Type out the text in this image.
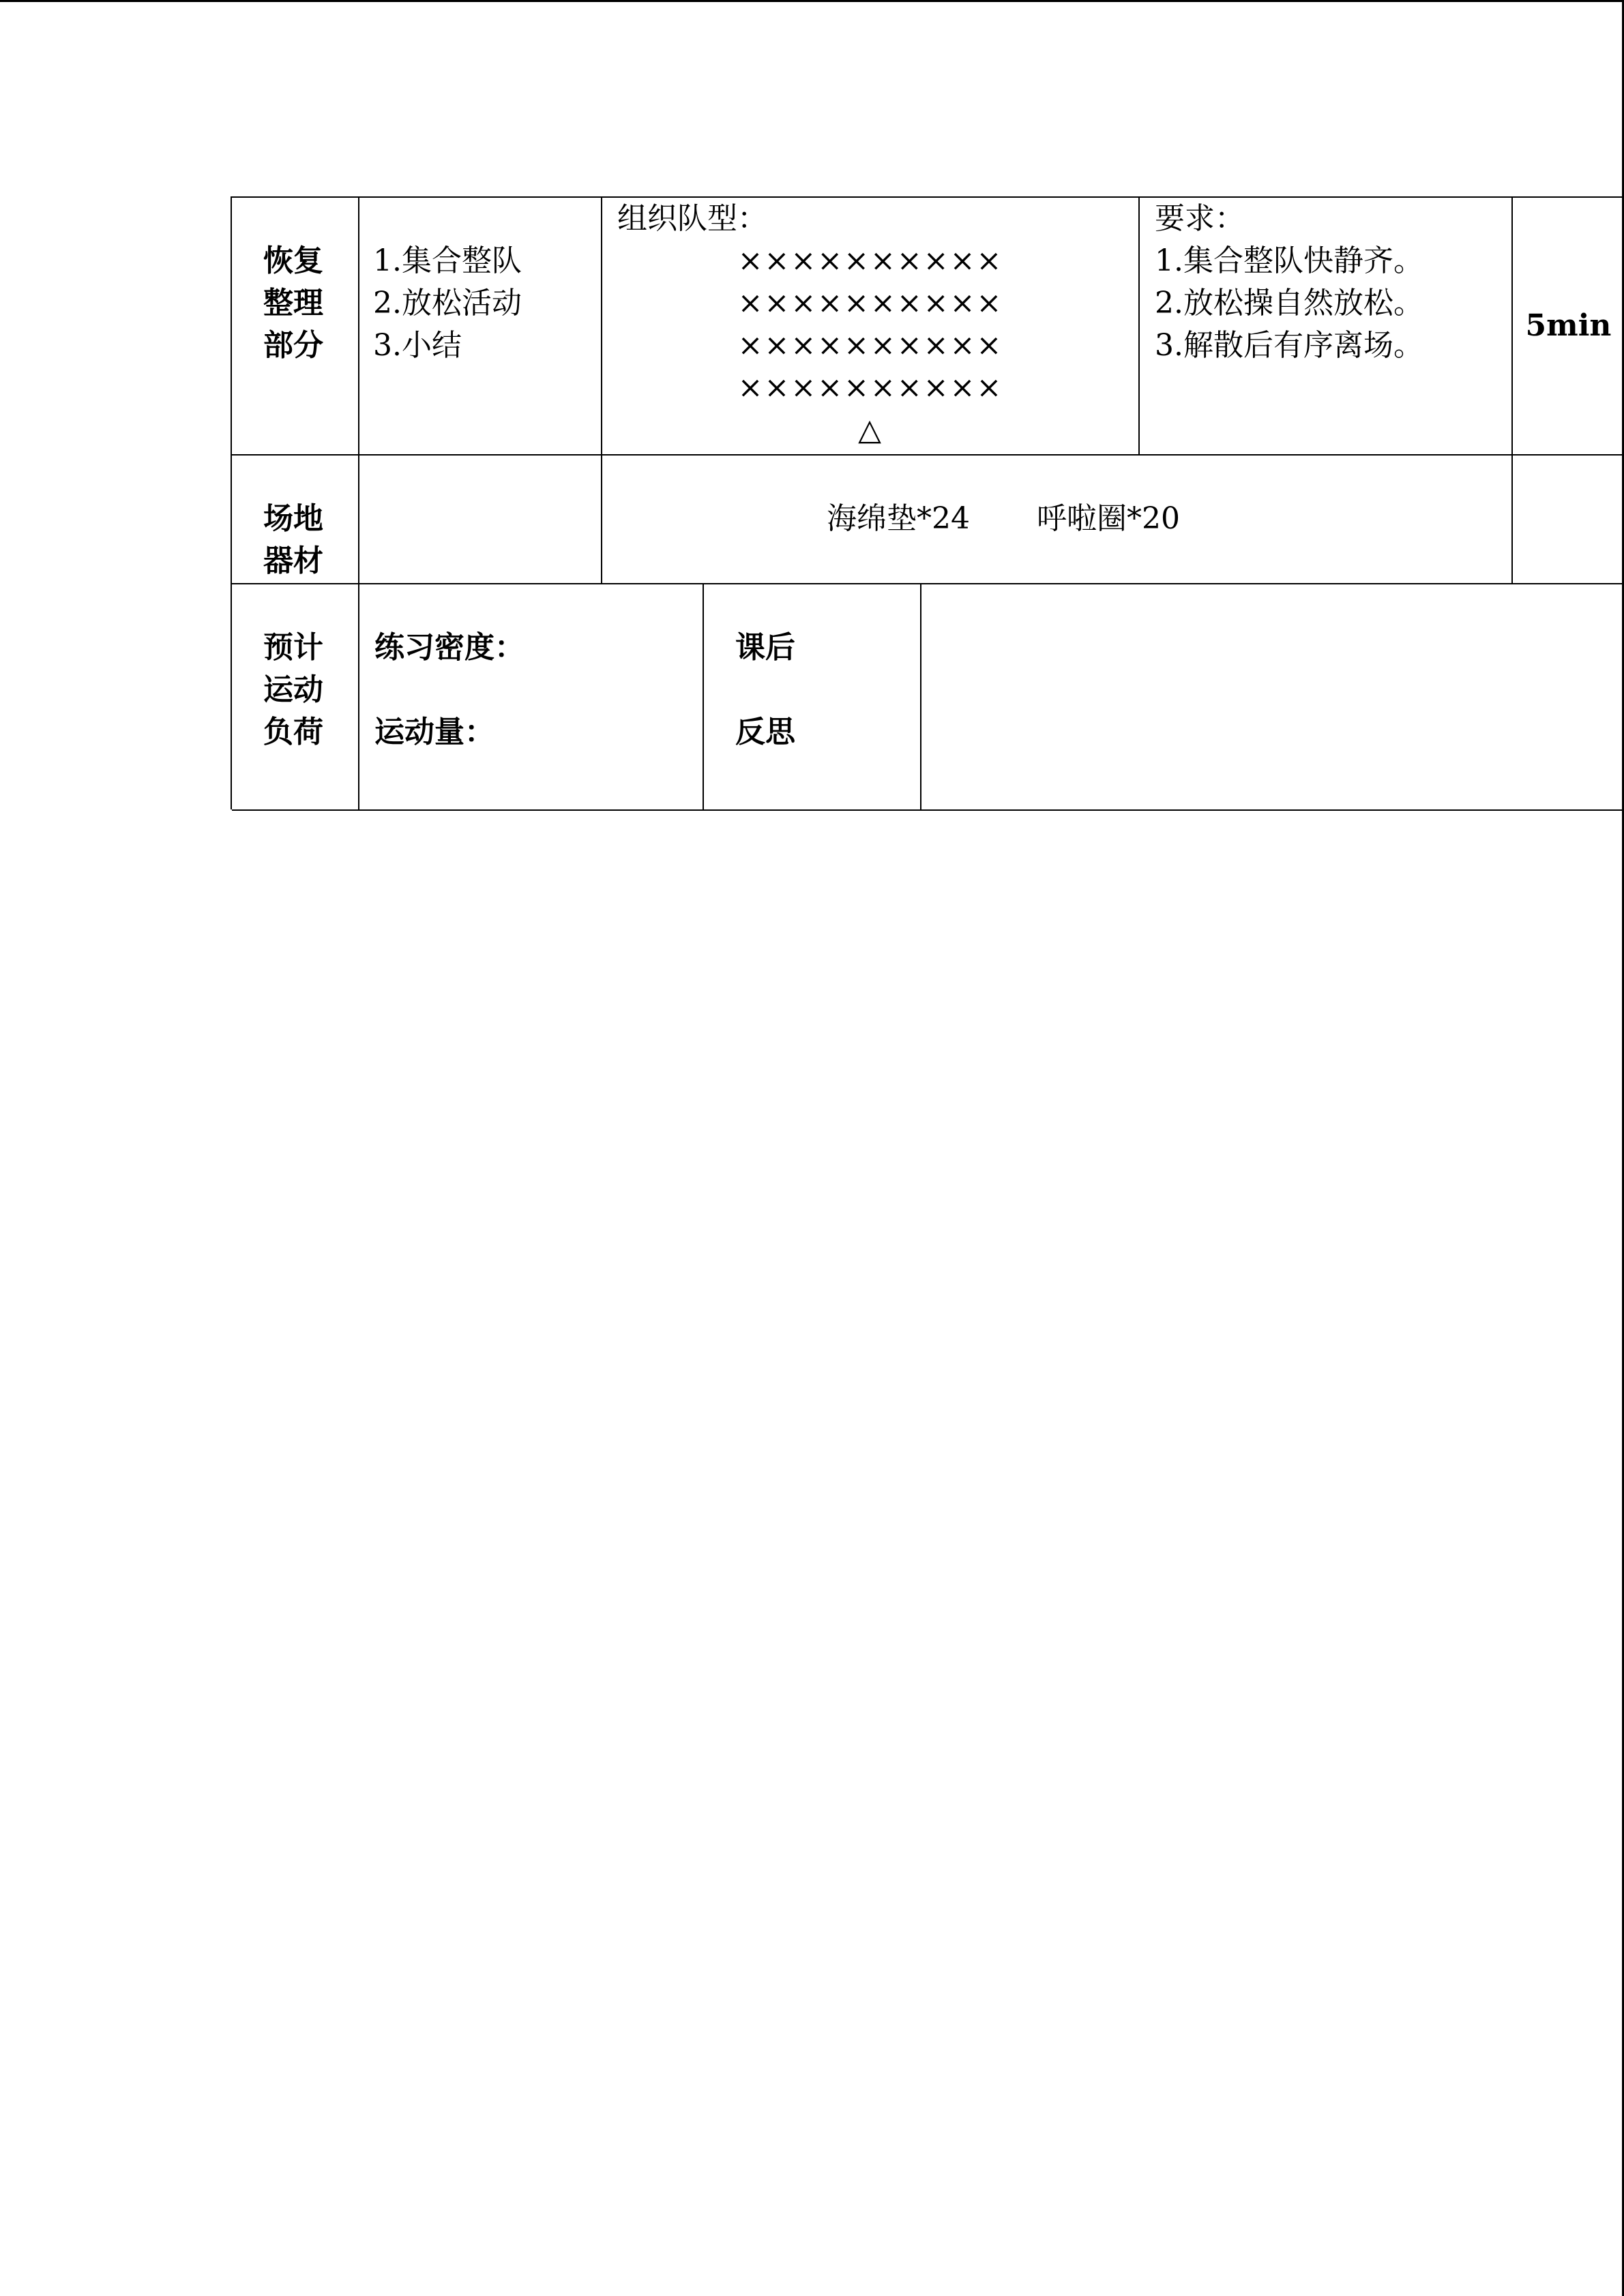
恢复
整理
部分
1.集合整队
2.放松活动
3.小结
组织队型：
××××××××××
××××××××××
××××××××××
××××××××××
△
要求：
1.集合整队快静齐。
2.放松操自然放松。
3.解散后有序离场。
5min
场地
器材
海绵垫*24 呼啦圈*20
预计
运动
负荷
练习密度：
运动量：
课后
反思
